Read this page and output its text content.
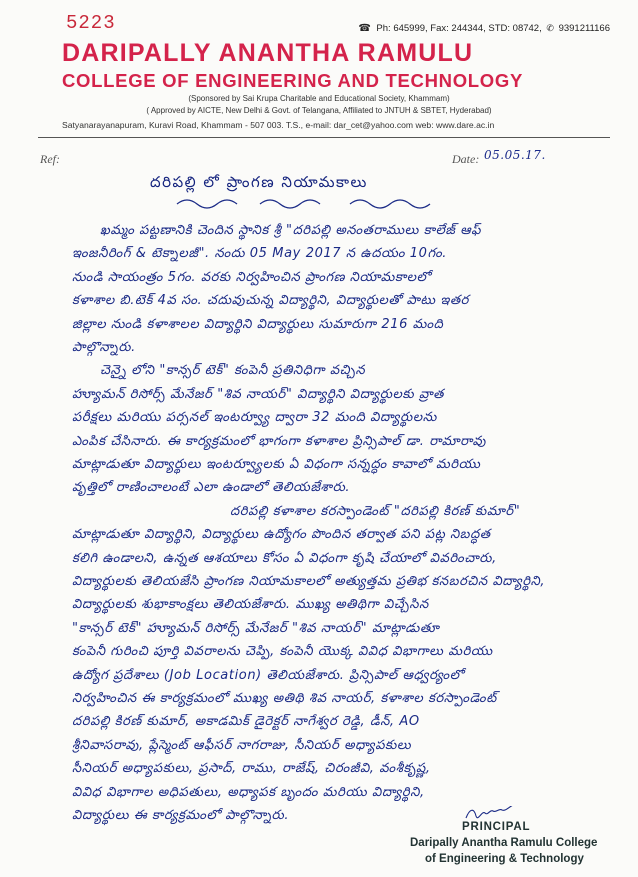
5223	☎ Ph: 645999, Fax: 244344, STD: 08742, ✆ 9391211166
DARIPALLY ANANTHA RAMULU
COLLEGE OF ENGINEERING AND TECHNOLOGY
(Sponsored by Sai Krupa Charitable and Educational Society, Khammam)
( Approved by AICTE, New Delhi & Govt. of Telangana, Affiliated to JNTUH & SBTET, Hyderabad)
Satyanarayanapuram, Kuravi Road, Khammam - 507 003. T.S., e-mail: dar_cet@yahoo.com web: www.dare.ac.in
Ref:	Date: 05.05.17.
దరిపల్లి లో ప్రాంగణ నియామకాలు
ఖమ్మం పట్టణానికి చెందిన స్థానిక శ్రీ "దరిపల్లి అనంతరాములు కాలేజ్ ఆఫ్
ఇంజనీరింగ్ & టెక్నాలజీ". నందు 05 May 2017 న ఉదయం 10గం.
నుండి సాయంత్రం 5గం. వరకు నిర్వహించిన ప్రాంగణ నియామకాలలో
కళాశాల బి.టెక్ 4వ సం. చదువుచున్న విద్యార్థిని, విద్యార్థులతో పాటు ఇతర
జిల్లాల నుండి కళాశాలల విద్యార్థిని విద్యార్థులు సుమారుగా 216 మంది
పాల్గొన్నారు.
చెన్నై లోని "కాన్సర్ టెక్" కంపెనీ ప్రతినిధిగా వచ్చిన
హ్యూమన్ రిసోర్స్ మేనేజర్ "శివ నాయర్" విద్యార్థిని విద్యార్థులకు వ్రాత
పరీక్షలు మరియు పర్సనల్ ఇంటర్వ్యూ ద్వారా 32 మంది విద్యార్థులను
ఎంపిక చేసినారు. ఈ కార్యక్రమంలో భాగంగా కళాశాల ప్రిన్సిపాల్ డా. రామారావు
మాట్లాడుతూ విద్యార్థులు ఇంటర్వ్యూలకు ఏ విధంగా సన్నద్ధం కావాలో మరియు
వృత్తిలో రాణించాలంటే ఎలా ఉండాలో తెలియజేశారు.
దరిపల్లి కళాశాల కరస్పాండెంట్ "దరిపల్లి కిరణ్ కుమార్"
మాట్లాడుతూ విద్యార్థిని, విద్యార్థులు ఉద్యోగం పొందిన తర్వాత పని పట్ల నిబద్ధత
కలిగి ఉండాలని, ఉన్నత ఆశయాలు కోసం ఏ విధంగా కృషి చేయాలో వివరించారు,
విద్యార్థులకు తెలియజేసి ప్రాంగణ నియామకాలలో అత్యుత్తమ ప్రతిభ కనబరచిన విద్యార్థిని,
విద్యార్థులకు శుభాకాంక్షలు తెలియజేశారు. ముఖ్య అతిథిగా విచ్చేసిన
"కాన్సర్ టెక్" హ్యూమన్ రిసోర్స్ మేనేజర్ "శివ నాయర్" మాట్లాడుతూ
కంపెనీ గురించి పూర్తి వివరాలను చెప్పి, కంపెనీ యొక్క వివిధ విభాగాలు మరియు
ఉద్యోగ ప్రదేశాలు (Job Location) తెలియజేశారు. ప్రిన్సిపాల్ ఆధ్వర్యంలో
నిర్వహించిన ఈ కార్యక్రమంలో ముఖ్య అతిథి శివ నాయర్, కళాశాల కరస్పాండెంట్
దరిపల్లి కిరణ్ కుమార్, అకాడమిక్ డైరెక్టర్ నాగేశ్వర రెడ్డి, డీన్, AO
శ్రీనివాసరావు, ప్లేస్మెంట్ ఆఫీసర్ నాగరాజు, సీనియర్ అధ్యాపకులు
సీనియర్ అధ్యాపకులు, ప్రసాద్, రాము, రాజేష్, చిరంజీవి, వంశీకృష్ణ,
వివిధ విభాగాల అధిపతులు, అధ్యాపక బృందం మరియు విద్యార్థిని,
విద్యార్థులు ఈ కార్యక్రమంలో పాల్గొన్నారు.
PRINCIPAL
Daripally Anantha Ramulu College
of Engineering & Technology
